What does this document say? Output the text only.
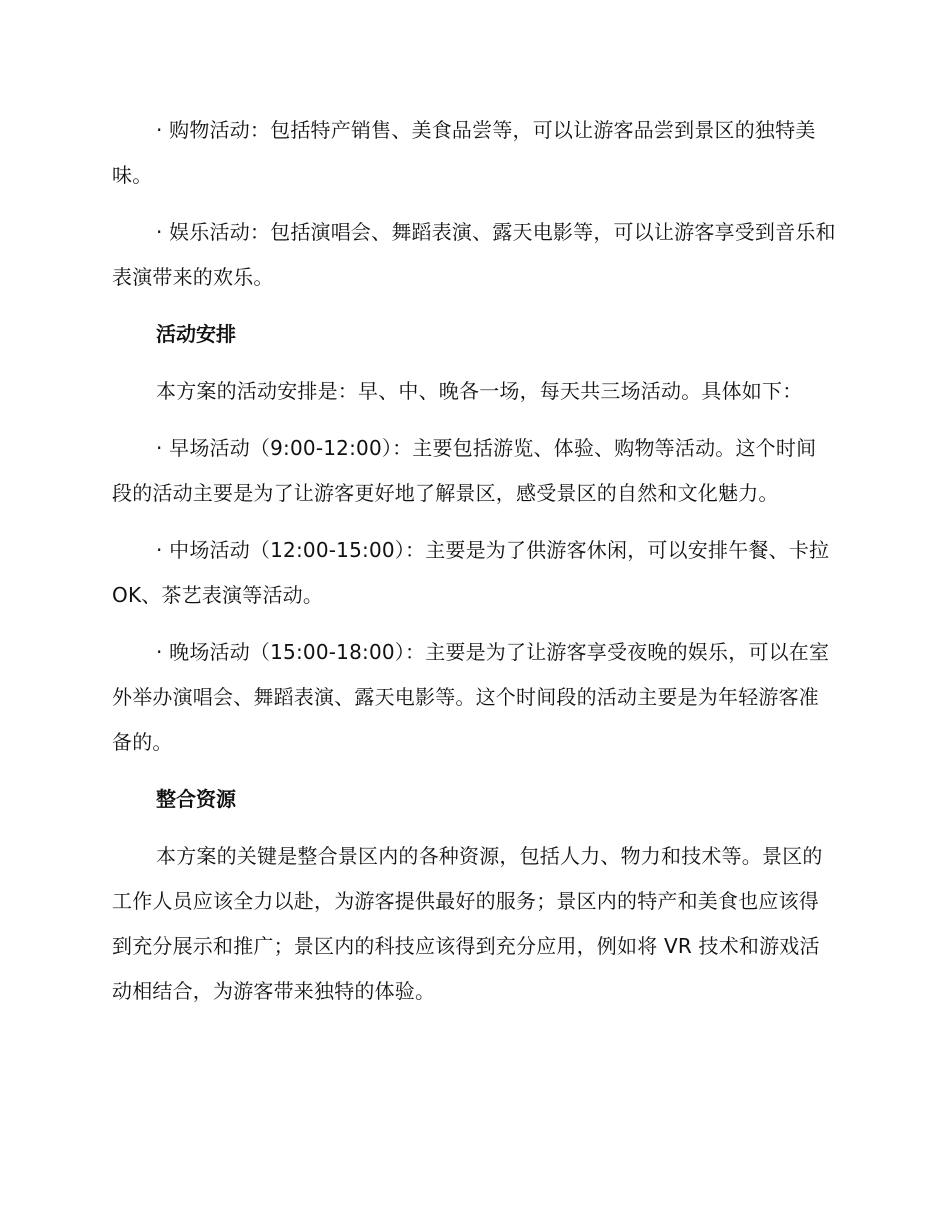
· 购物活动：包括特产销售、美食品尝等，可以让游客品尝到景区的独特美味。

· 娱乐活动：包括演唱会、舞蹈表演、露天电影等，可以让游客享受到音乐和表演带来的欢乐。

活动安排

本方案的活动安排是：早、中、晚各一场，每天共三场活动。具体如下：

· 早场活动（9:00-12:00）：主要包括游览、体验、购物等活动。这个时间段的活动主要是为了让游客更好地了解景区，感受景区的自然和文化魅力。

· 中场活动（12:00-15:00）：主要是为了供游客休闲，可以安排午餐、卡拉 OK、茶艺表演等活动。

· 晚场活动（15:00-18:00）：主要是为了让游客享受夜晚的娱乐，可以在室外举办演唱会、舞蹈表演、露天电影等。这个时间段的活动主要是为年轻游客准备的。

整合资源

本方案的关键是整合景区内的各种资源，包括人力、物力和技术等。景区的工作人员应该全力以赴，为游客提供最好的服务；景区内的特产和美食也应该得到充分展示和推广；景区内的科技应该得到充分应用，例如将 VR 技术和游戏活动相结合，为游客带来独特的体验。
